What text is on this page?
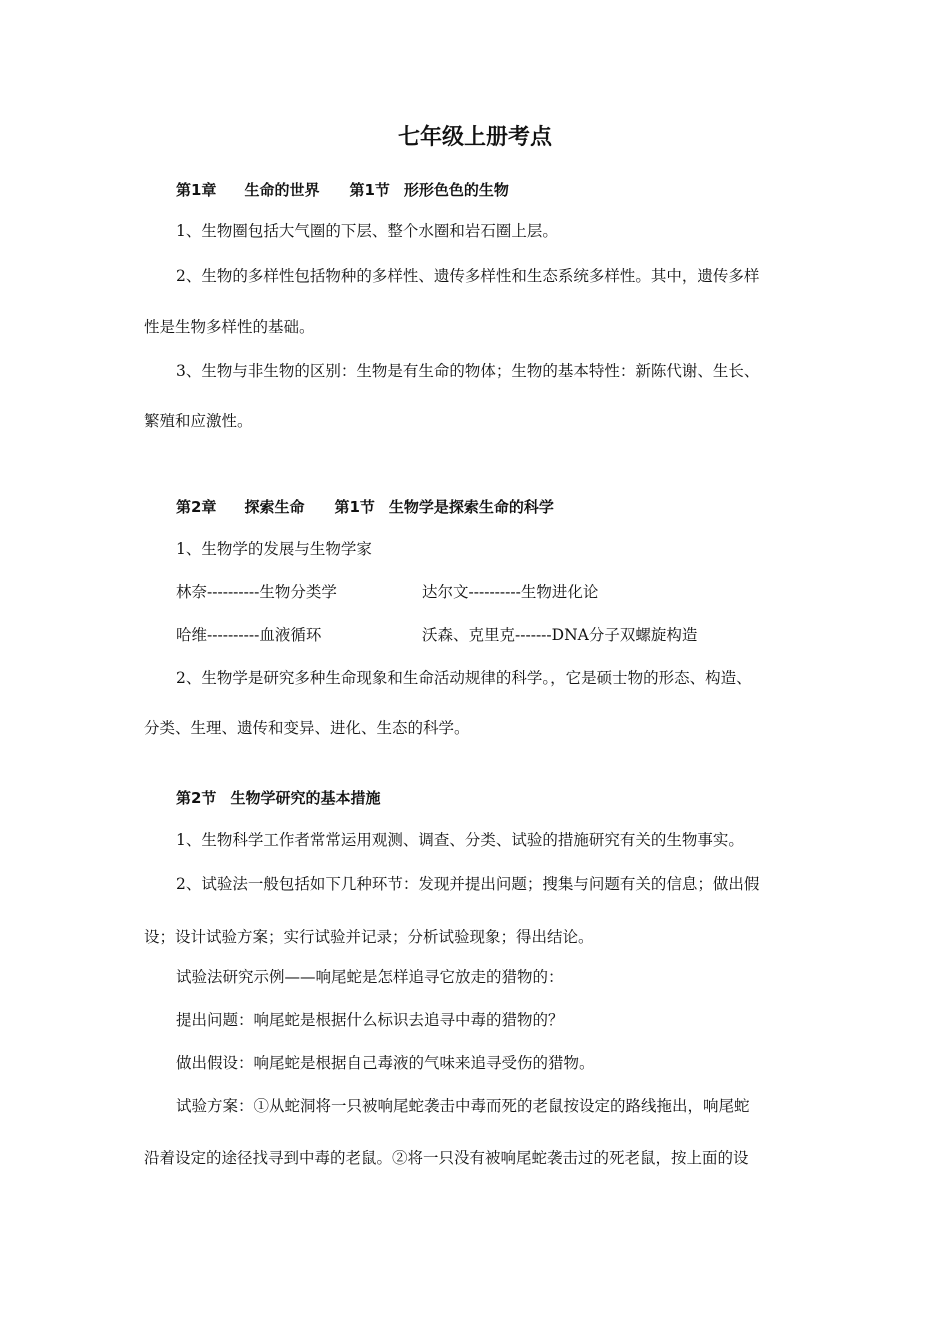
七年级上册考点
第1章 生命的世界 第1节 形形色色的生物
1、生物圈包括大气圈的下层、整个水圈和岩石圈上层。
2、生物的多样性包括物种的多样性、遗传多样性和生态系统多样性。其中，遗传多样
性是生物多样性的基础。
3、生物与非生物的区别：生物是有生命的物体；生物的基本特性：新陈代谢、生长、
繁殖和应激性。
第2章 探索生命 第1节 生物学是探索生命的科学
1、生物学的发展与生物学家
林奈----------生物分类学	达尔文----------生物进化论
哈维----------血液循环	沃森、克里克-------DNA分子双螺旋构造
2、生物学是研究多种生命现象和生命活动规律的科学。，它是硕士物的形态、构造、
分类、生理、遗传和变异、进化、生态的科学。
第2节 生物学研究的基本措施
1、生物科学工作者常常运用观测、调查、分类、试验的措施研究有关的生物事实。
2、试验法一般包括如下几种环节：发现并提出问题；搜集与问题有关的信息；做出假
设；设计试验方案；实行试验并记录；分析试验现象；得出结论。
试验法研究示例——响尾蛇是怎样追寻它放走的猎物的：
提出问题：响尾蛇是根据什么标识去追寻中毒的猎物的？
做出假设：响尾蛇是根据自己毒液的气味来追寻受伤的猎物。
试验方案：①从蛇洞将一只被响尾蛇袭击中毒而死的老鼠按设定的路线拖出，响尾蛇
沿着设定的途径找寻到中毒的老鼠。②将一只没有被响尾蛇袭击过的死老鼠，按上面的设
